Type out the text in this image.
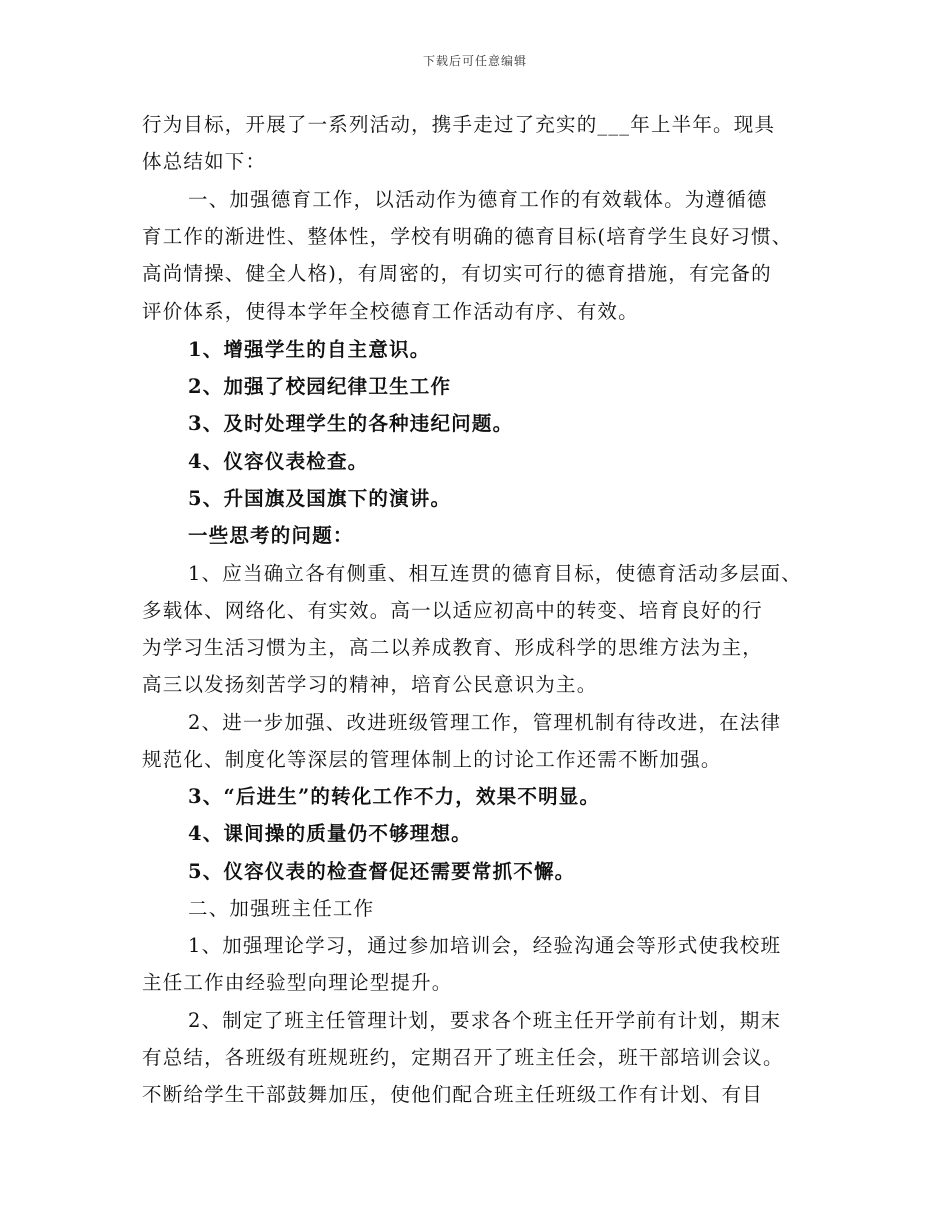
下载后可任意编辑
行为目标，开展了一系列活动，携手走过了充实的___年上半年。现具
体总结如下：
一、加强德育工作，以活动作为德育工作的有效载体。为遵循德
育工作的渐进性、整体性，学校有明确的德育目标(培育学生良好习惯、
高尚情操、健全人格)，有周密的，有切实可行的德育措施，有完备的
评价体系，使得本学年全校德育工作活动有序、有效。
1、增强学生的自主意识。
2、加强了校园纪律卫生工作
3、及时处理学生的各种违纪问题。
4、仪容仪表检查。
5、升国旗及国旗下的演讲。
一些思考的问题：
1、应当确立各有侧重、相互连贯的德育目标，使德育活动多层面、
多载体、网络化、有实效。高一以适应初高中的转变、培育良好的行
为学习生活习惯为主，高二以养成教育、形成科学的思维方法为主，
高三以发扬刻苦学习的精神，培育公民意识为主。
2、进一步加强、改进班级管理工作，管理机制有待改进，在法律
规范化、制度化等深层的管理体制上的讨论工作还需不断加强。
3、“后进生”的转化工作不力，效果不明显。
4、课间操的质量仍不够理想。
5、仪容仪表的检查督促还需要常抓不懈。
二、加强班主任工作
1、加强理论学习，通过参加培训会，经验沟通会等形式使我校班
主任工作由经验型向理论型提升。
2、制定了班主任管理计划，要求各个班主任开学前有计划，期末
有总结，各班级有班规班约，定期召开了班主任会，班干部培训会议。
不断给学生干部鼓舞加压，使他们配合班主任班级工作有计划、有目
